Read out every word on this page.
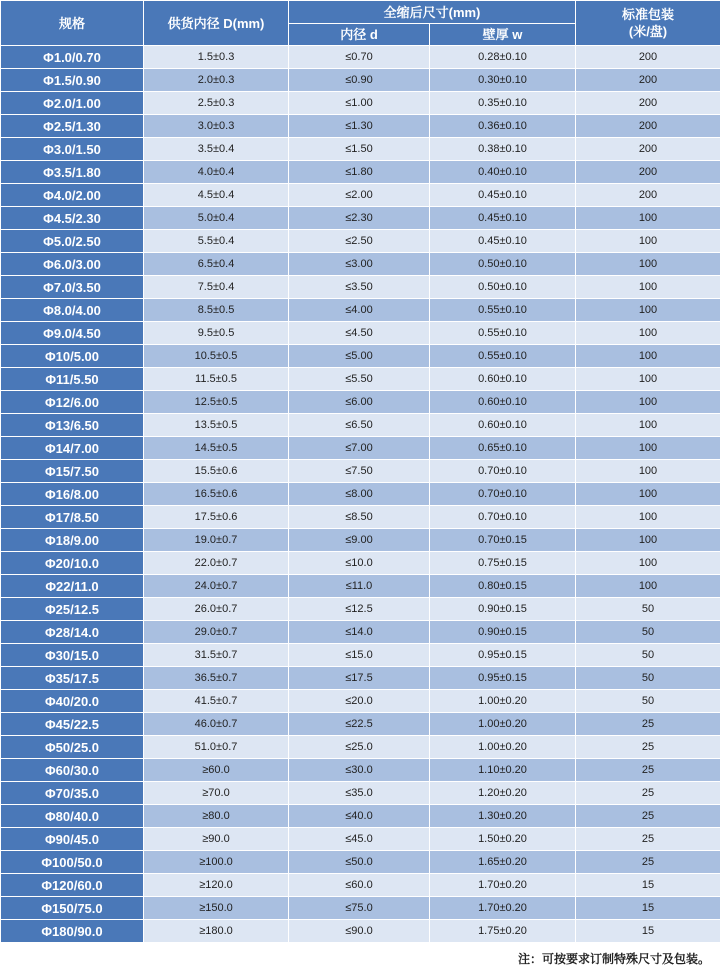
规格	供货内径 D(mm)	全缩后尺寸(mm)		标准包装
(米/盘)
		内径 d	壁厚 w	
Φ1.0/0.70	1.5±0.3	≤0.70	0.28±0.10	200
Φ1.5/0.90	2.0±0.3	≤0.90	0.30±0.10	200
Φ2.0/1.00	2.5±0.3	≤1.00	0.35±0.10	200
Φ2.5/1.30	3.0±0.3	≤1.30	0.36±0.10	200
Φ3.0/1.50	3.5±0.4	≤1.50	0.38±0.10	200
Φ3.5/1.80	4.0±0.4	≤1.80	0.40±0.10	200
Φ4.0/2.00	4.5±0.4	≤2.00	0.45±0.10	200
Φ4.5/2.30	5.0±0.4	≤2.30	0.45±0.10	100
Φ5.0/2.50	5.5±0.4	≤2.50	0.45±0.10	100
Φ6.0/3.00	6.5±0.4	≤3.00	0.50±0.10	100
Φ7.0/3.50	7.5±0.4	≤3.50	0.50±0.10	100
Φ8.0/4.00	8.5±0.5	≤4.00	0.55±0.10	100
Φ9.0/4.50	9.5±0.5	≤4.50	0.55±0.10	100
Φ10/5.00	10.5±0.5	≤5.00	0.55±0.10	100
Φ11/5.50	11.5±0.5	≤5.50	0.60±0.10	100
Φ12/6.00	12.5±0.5	≤6.00	0.60±0.10	100
Φ13/6.50	13.5±0.5	≤6.50	0.60±0.10	100
Φ14/7.00	14.5±0.5	≤7.00	0.65±0.10	100
Φ15/7.50	15.5±0.6	≤7.50	0.70±0.10	100
Φ16/8.00	16.5±0.6	≤8.00	0.70±0.10	100
Φ17/8.50	17.5±0.6	≤8.50	0.70±0.10	100
Φ18/9.00	19.0±0.7	≤9.00	0.70±0.15	100
Φ20/10.0	22.0±0.7	≤10.0	0.75±0.15	100
Φ22/11.0	24.0±0.7	≤11.0	0.80±0.15	100
Φ25/12.5	26.0±0.7	≤12.5	0.90±0.15	50
Φ28/14.0	29.0±0.7	≤14.0	0.90±0.15	50
Φ30/15.0	31.5±0.7	≤15.0	0.95±0.15	50
Φ35/17.5	36.5±0.7	≤17.5	0.95±0.15	50
Φ40/20.0	41.5±0.7	≤20.0	1.00±0.20	50
Φ45/22.5	46.0±0.7	≤22.5	1.00±0.20	25
Φ50/25.0	51.0±0.7	≤25.0	1.00±0.20	25
Φ60/30.0	≥60.0	≤30.0	1.10±0.20	25
Φ70/35.0	≥70.0	≤35.0	1.20±0.20	25
Φ80/40.0	≥80.0	≤40.0	1.30±0.20	25
Φ90/45.0	≥90.0	≤45.0	1.50±0.20	25
Φ100/50.0	≥100.0	≤50.0	1.65±0.20	25
Φ120/60.0	≥120.0	≤60.0	1.70±0.20	15
Φ150/75.0	≥150.0	≤75.0	1.70±0.20	15
Φ180/90.0	≥180.0	≤90.0	1.75±0.20	15
注：可按要求订制特殊尺寸及包装。
